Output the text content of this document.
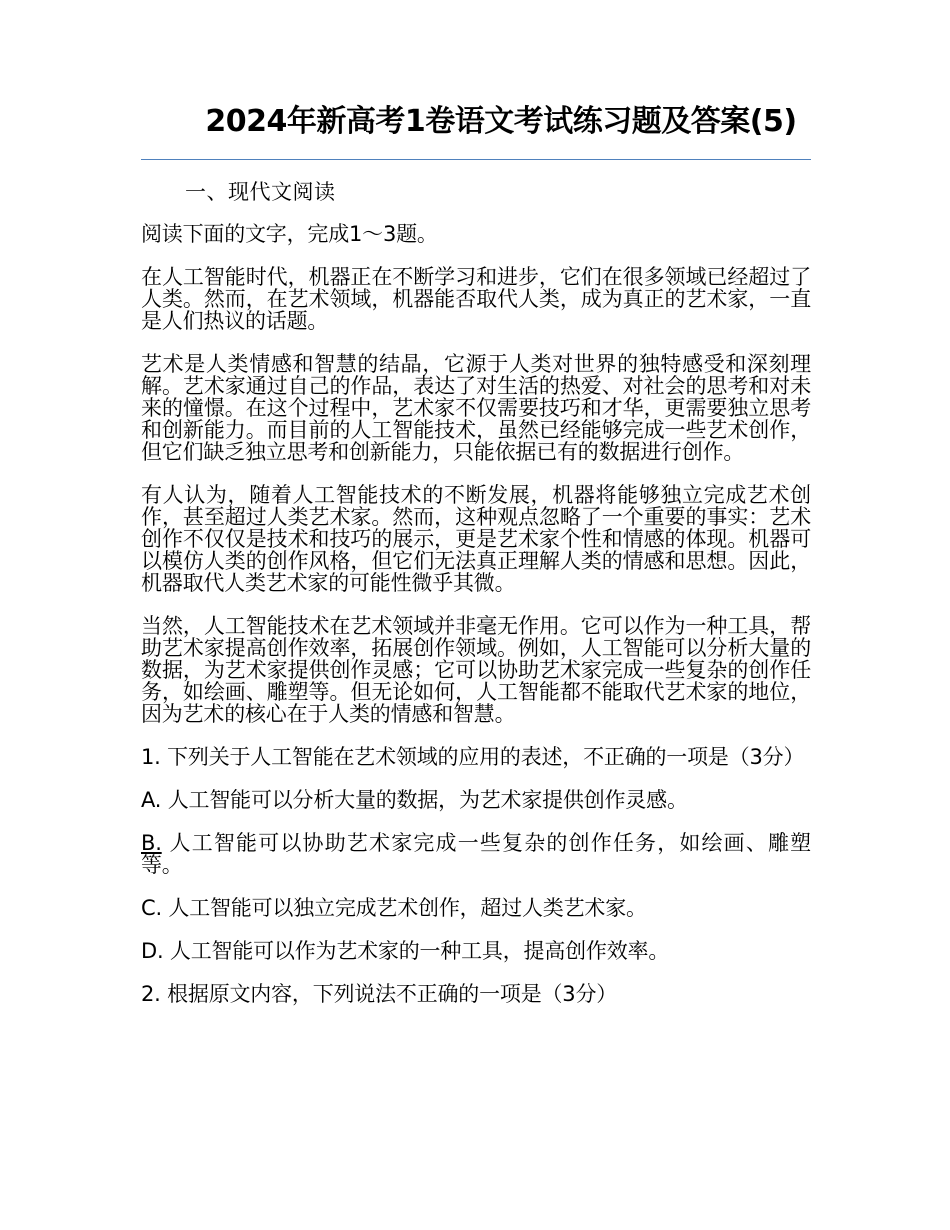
2024年新高考1卷语文考试练习题及答案(5)
一、现代文阅读

阅读下面的文字，完成1～3题。

在人工智能时代，机器正在不断学习和进步，它们在很多领域已经超过了人类。然而，在艺术领域，机器能否取代人类，成为真正的艺术家，一直是人们热议的话题。

艺术是人类情感和智慧的结晶，它源于人类对世界的独特感受和深刻理解。艺术家通过自己的作品，表达了对生活的热爱、对社会的思考和对未来的憧憬。在这个过程中，艺术家不仅需要技巧和才华，更需要独立思考和创新能力。而目前的人工智能技术，虽然已经能够完成一些艺术创作，但它们缺乏独立思考和创新能力，只能依据已有的数据进行创作。

有人认为，随着人工智能技术的不断发展，机器将能够独立完成艺术创作，甚至超过人类艺术家。然而，这种观点忽略了一个重要的事实：艺术创作不仅仅是技术和技巧的展示，更是艺术家个性和情感的体现。机器可以模仿人类的创作风格，但它们无法真正理解人类的情感和思想。因此，机器取代人类艺术家的可能性微乎其微。

当然，人工智能技术在艺术领域并非毫无作用。它可以作为一种工具，帮助艺术家提高创作效率，拓展创作领域。例如，人工智能可以分析大量的数据，为艺术家提供创作灵感；它可以协助艺术家完成一些复杂的创作任务，如绘画、雕塑等。但无论如何，人工智能都不能取代艺术家的地位，因为艺术的核心在于人类的情感和智慧。

1. 下列关于人工智能在艺术领域的应用的表述，不正确的一项是（3分）

A. 人工智能可以分析大量的数据，为艺术家提供创作灵感。

B. 人工智能可以协助艺术家完成一些复杂的创作任务，如绘画、雕塑等。

C. 人工智能可以独立完成艺术创作，超过人类艺术家。

D. 人工智能可以作为艺术家的一种工具，提高创作效率。

2. 根据原文内容，下列说法不正确的一项是（3分）
